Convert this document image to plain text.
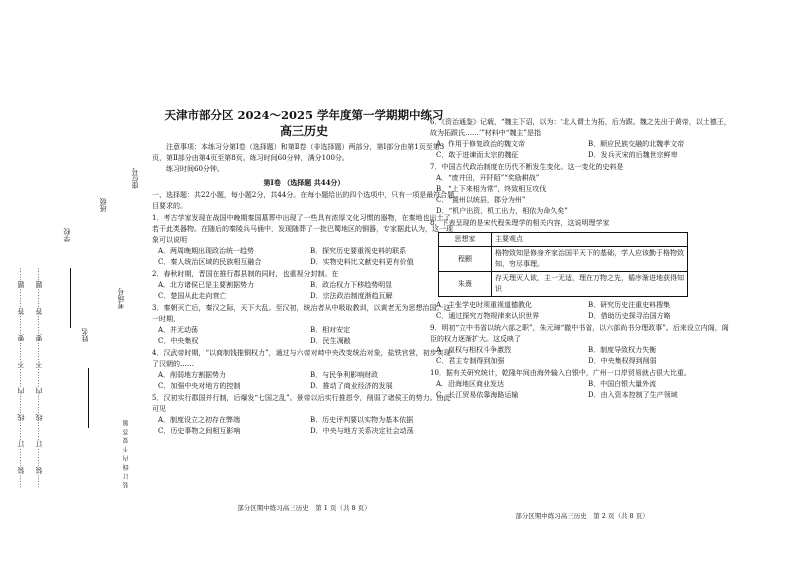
·····装·······订·······线·······内·······不·······要·······答·······题····· ·····装·······订·······线·······内·······不·······要·······答·······题·····
学校
姓名
班级
考场号
座位号
装 订 线 内 不 要 答 题
天津市部分区 2024～2025 学年度第一学期期中练习
高三历史
注意事项：本练习分第Ⅰ卷（选择题）和第Ⅱ卷（非选择题）两部分，第Ⅰ部分由第1页至第3页，第Ⅱ部分由第4页至第8页。练习时间60分钟，满分100分。
练习时间60分钟。
第Ⅰ卷 （选择题 共44分）
一、选择题：共22小题，每小题2分，共44分。在每小题给出的四个选项中，只有一项是最符合题目要求的。
1．考古学家发现在战国中晚期秦国墓葬中出现了一些具有浓厚文化习惯的器物，在秦地也出土了若干此类器物。在随后的秦陵兵马俑中，发现随葬了一批巴蜀地区的铜器，专家据此认为，这一现象可以说明
A．两周晚期出现政治统一趋势	B．探究历史要重视史料的联系
C．秦人统治区域的民族相互融合	D．实物史料比文献史料更有价值
2．春秋时期，晋国在推行郡县制的同时，也重视分封制。在
A．北方诸侯已是主要割据势力	B．政治权力下移趋势明显
C．楚国从此走向衰亡	D．宗法政治制度渐趋瓦解
3．秦朝灭亡后，秦汉之际，天下大乱。至汉初，统治者从中吸取教训，以黄老无为思想治国。这一时期，
A．并无动荡	B．相对安定
C．中央集权	D．民生凋敝
4．汉武帝时期，“以商制钱推铜权力”，通过与六帝对峙中央改变统治对象，盐铁官营，初步实现了汉朝的……
A．削弱地方割据势力	B．与民争利影响财政
C．加强中央对地方的控制	D．推动了商业经济的发展
5．汉初实行郡国并行制，后爆发“七国之乱”。景帝以后实行推恩令，削弱了诸侯王的势力。由此可见
A．制度设立之初存在弊端	B．历史评判要以实物为基本依据
C．历史事物之间相互影响	D．中央与地方关系决定社会动荡
部分区期中练习高三历史　第 1 页（共 8 页）
6．《资治通鉴》记载，“魏主下诏，以为：‘北人谓土为拓，后为跋。魏之先出于黄帝，以土德王，故为拓跋氏……’”材料中“魏主”是指
A．作用于修复政治的魏文帝	B．顺应民族交融的北魏孝文帝
C．敢于进谏而太宗的魏征	D．发兵灭宋的后魏世宗鲜卑
7．中国古代政治制度在历代不断发生变化。这一变化的史料是
A．“废井田，开阡陌”“奖励耕战”
B．“上下来相为常”，终致相互攻伐
C．“置州以统县，郡分为州”
D．“机户出资，机工出力，相依为命久矣”
8．下表呈现的是宋代程朱理学的相关内容，这说明理学家
思想家	主要观点
程颢	格物致知是修身齐家治国平天下的基础，学人应该勤于格物致知，穷尽事理。
朱熹	存天理灭人欲，主一无适，理在万物之先，循序渐进地获得知识
A．主张学史时须重视道德教化	B．研究历史注重史料搜集
C．通过探究万物规律来认识世界	D．借助历史探寻治国方略
9．明初“立中书省以统六部之职”，朱元璋“撤中书省，以六部尚书分理政事”。后来设立内阁，阁臣的权力逐渐扩大。这反映了
A．皇权与相权斗争激烈	B．制度导致权力失衡
C．君主专制得到加强	D．中央集权得到削弱
10．据有关研究统计，乾隆年间由海外输入白银中，广州一口岸贸易就占很大比重。
A．沿海地区商业发达	B．中国白银大量外流
C．长江贸易依靠海路运输	D．由入资本控制了生产领域
部分区期中练习高三历史　第 2 页（共 8 页）
